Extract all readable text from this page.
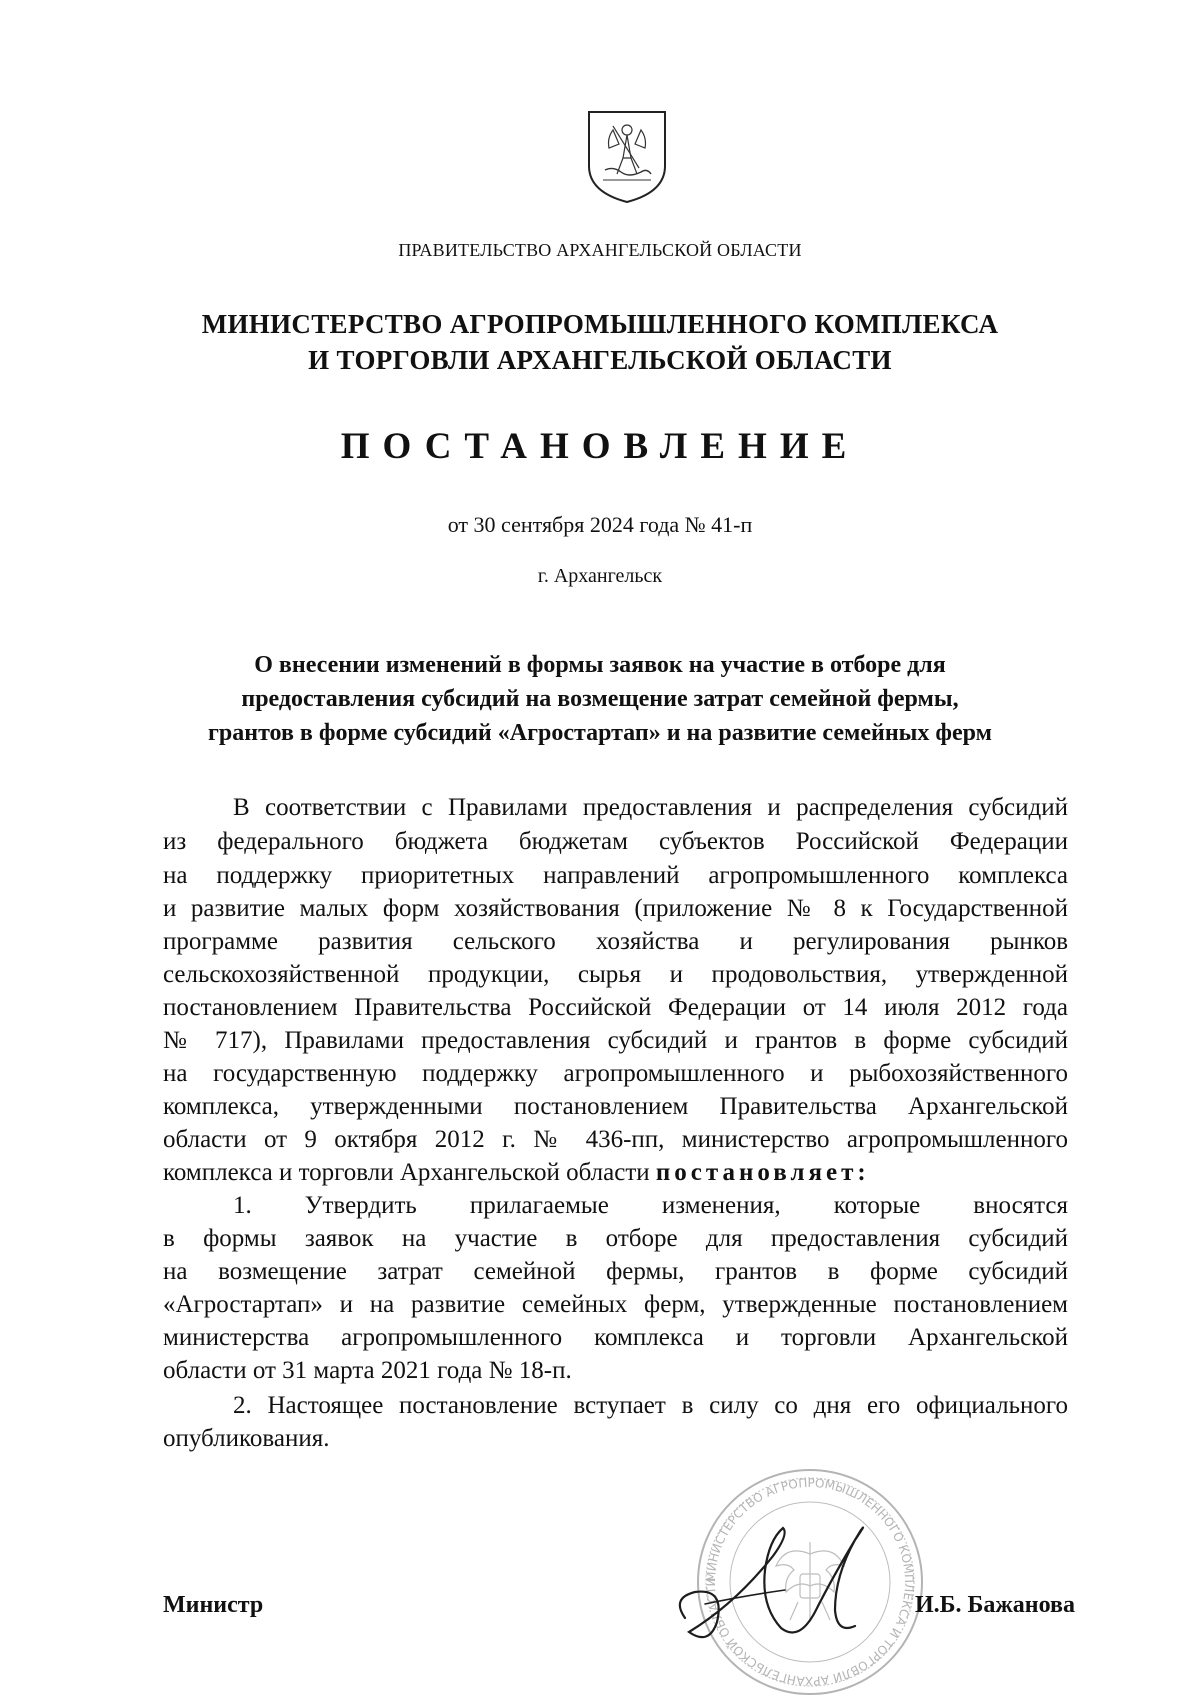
ПРАВИТЕЛЬСТВО АРХАНГЕЛЬСКОЙ ОБЛАСТИ
МИНИСТЕРСТВО АГРОПРОМЫШЛЕННОГО КОМПЛЕКСА
И ТОРГОВЛИ АРХАНГЕЛЬСКОЙ ОБЛАСТИ
ПОСТАНОВЛЕНИЕ
от 30 сентября 2024 года № 41-п
г. Архангельск
О внесении изменений в формы заявок на участие в отборе для
предоставления субсидий на возмещение затрат семейной фермы,
грантов в форме субсидий «Агростартап» и на развитие семейных ферм
В соответствии с Правилами предоставления и распределения субсидий
из федерального бюджета бюджетам субъектов Российской Федерации
на поддержку приоритетных направлений агропромышленного комплекса
и развитие малых форм хозяйствования (приложение № 8 к Государственной
программе развития сельского хозяйства и регулирования рынков
сельскохозяйственной продукции, сырья и продовольствия, утвержденной
постановлением Правительства Российской Федерации от 14 июля 2012 года
№ 717), Правилами предоставления субсидий и грантов в форме субсидий
на государственную поддержку агропромышленного и рыбохозяйственного
комплекса, утвержденными постановлением Правительства Архангельской
области от 9 октября 2012 г. № 436-пп, министерство агропромышленного
комплекса и торговли Архангельской области постановляет:
1. Утвердить прилагаемые изменения, которые вносятся
в формы заявок на участие в отборе для предоставления субсидий
на возмещение затрат семейной фермы, грантов в форме субсидий
«Агростартап» и на развитие семейных ферм, утвержденные постановлением
министерства агропромышленного комплекса и торговли Архангельской
области от 31 марта 2021 года № 18-п.
2. Настоящее постановление вступает в силу со дня его официального
опубликования.
МИНИСТЕРСТВО АГРОПРОМЫШЛЕННОГО КОМПЛЕКСА И ТОРГОВЛИ АРХАНГЕЛЬСКОЙ ОБЛАСТИ
Министр	И.Б. Бажанова
